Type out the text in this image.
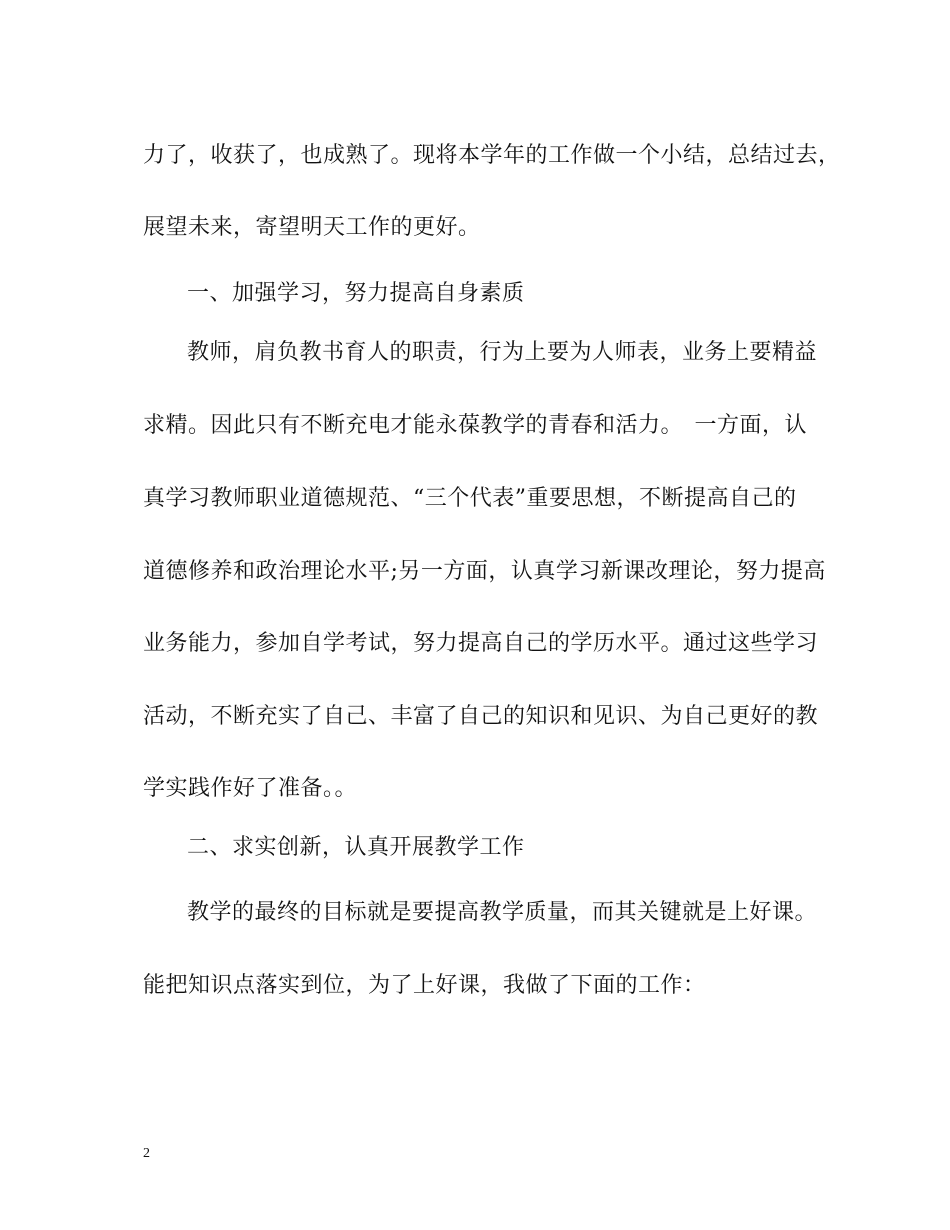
力了，收获了，也成熟了。现将本学年的工作做一个小结，总结过去，
展望未来，寄望明天工作的更好。
一、加强学习，努力提高自身素质
教师，肩负教书育人的职责，行为上要为人师表，业务上要精益
求精。因此只有不断充电才能永葆教学的青春和活力。　一方面，认
真学习教师职业道德规范、“三个代表”重要思想，不断提高自己的
道德修养和政治理论水平;另一方面，认真学习新课改理论，努力提高
业务能力，参加自学考试，努力提高自己的学历水平。通过这些学习
活动，不断充实了自己、丰富了自己的知识和见识、为自己更好的教
学实践作好了准备。。
二、求实创新，认真开展教学工作
教学的最终的目标就是要提高教学质量，而其关键就是上好课。
能把知识点落实到位，为了上好课，我做了下面的工作：
2
